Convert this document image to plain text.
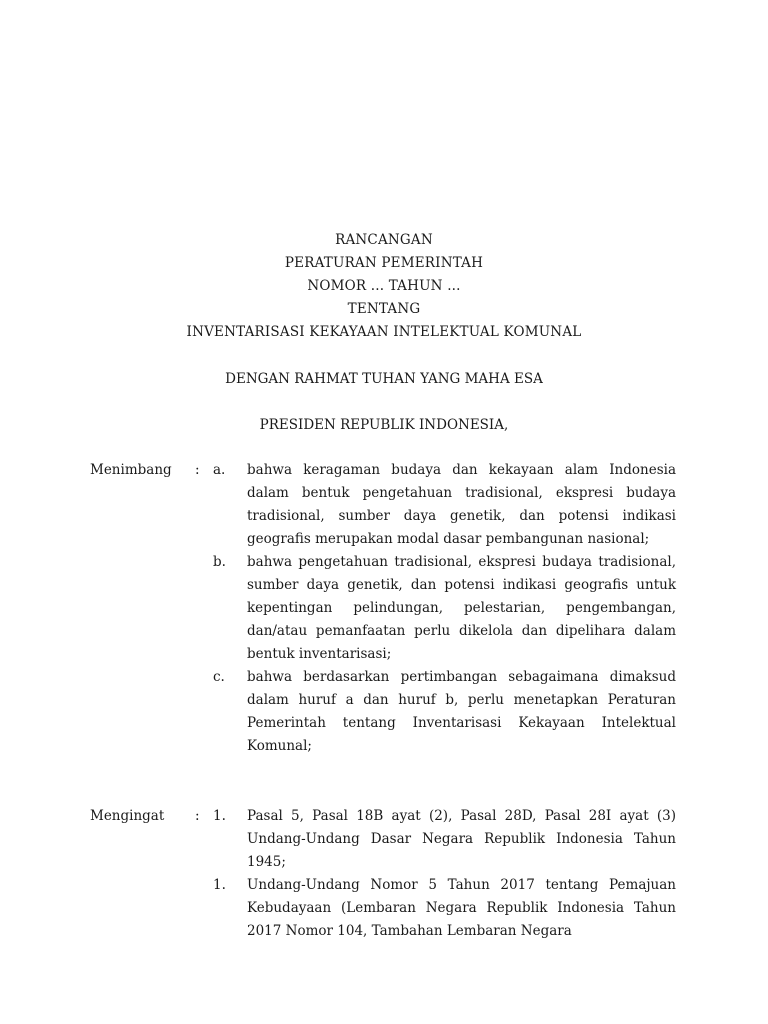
RANCANGAN
PERATURAN PEMERINTAH
NOMOR ... TAHUN ...
TENTANG
INVENTARISASI KEKAYAAN INTELEKTUAL KOMUNAL
DENGAN RAHMAT TUHAN YANG MAHA ESA
PRESIDEN REPUBLIK INDONESIA,
Menimbang : a. bahwa keragaman budaya dan kekayaan alam Indonesia dalam bentuk pengetahuan tradisional, ekspresi budaya tradisional, sumber daya genetik, dan potensi indikasi geografis merupakan modal dasar pembangunan nasional;
b. bahwa pengetahuan tradisional, ekspresi budaya tradisional, sumber daya genetik, dan potensi indikasi geografis untuk kepentingan pelindungan, pelestarian, pengembangan, dan/atau pemanfaatan perlu dikelola dan dipelihara dalam bentuk inventarisasi;
c. bahwa berdasarkan pertimbangan sebagaimana dimaksud dalam huruf a dan huruf b, perlu menetapkan Peraturan Pemerintah tentang Inventarisasi Kekayaan Intelektual Komunal;
Mengingat : 1. Pasal 5, Pasal 18B ayat (2), Pasal 28D, Pasal 28I ayat (3) Undang-Undang Dasar Negara Republik Indonesia Tahun 1945;
1. Undang-Undang Nomor 5 Tahun 2017 tentang Pemajuan Kebudayaan (Lembaran Negara Republik Indonesia Tahun 2017 Nomor 104, Tambahan Lembaran Negara
